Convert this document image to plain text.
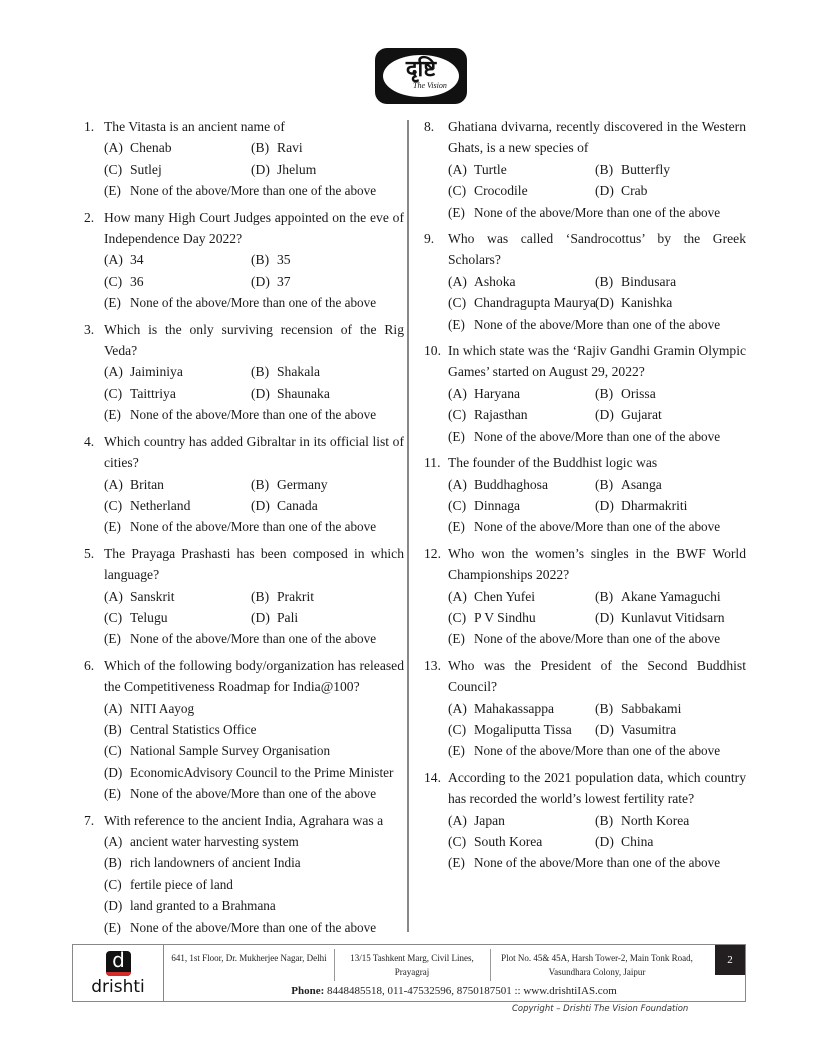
दृष्टि
The Vision
1. The Vitasta is an ancient name of
(A) Chenab	(B) Ravi
(C) Sutlej	(D) Jhelum
(E) None of the above/More than one of the above
2. How many High Court Judges appointed on the eve of Independence Day 2022?
(A) 34	(B) 35
(C) 36	(D) 37
(E) None of the above/More than one of the above
3. Which is the only surviving recension of the Rig Veda?
(A) Jaiminiya	(B) Shakala
(C) Taittriya	(D) Shaunaka
(E) None of the above/More than one of the above
4. Which country has added Gibraltar in its official list of cities?
(A) Britan	(B) Germany
(C) Netherland	(D) Canada
(E) None of the above/More than one of the above
5. The Prayaga Prashasti has been composed in which language?
(A) Sanskrit	(B) Prakrit
(C) Telugu	(D) Pali
(E) None of the above/More than one of the above
6. Which of the following body/organization has released the Competitiveness Roadmap for India@100?
(A) NITI Aayog
(B) Central Statistics Office
(C) National Sample Survey Organisation
(D) EconomicAdvisory Council to the Prime Minister
(E) None of the above/More than one of the above
7. With reference to the ancient India, Agrahara was a
(A) ancient water harvesting system
(B) rich landowners of ancient India
(C) fertile piece of land
(D) land granted to a Brahmana
(E) None of the above/More than one of the above
8.	Ghatiana dvivarna, recently discovered in the Western Ghats, is a new species of
(A) Turtle	(B) Butterfly
(C) Crocodile	(D) Crab
(E) None of the above/More than one of the above
9.	Who was called ‘Sandrocottus’ by the Greek Scholars?
(A) Ashoka	(B) Bindusara
(C) Chandragupta Maurya (D) Kanishka
(E) None of the above/More than one of the above
10. In which state was the ‘Rajiv Gandhi Gramin Olympic Games’ started on August 29, 2022?
(A) Haryana	(B) Orissa
(C) Rajasthan	(D) Gujarat
(E) None of the above/More than one of the above
11. The founder of the Buddhist logic was
(A) Buddhaghosa	(B) Asanga
(C) Dinnaga	(D) Dharmakriti
(E) None of the above/More than one of the above
12. Who won the women’s singles in the BWF World Championships 2022?
(A) Chen Yufei	(B) Akane Yamaguchi
(C) P V Sindhu	(D) Kunlavut Vitidsarn
(E) None of the above/More than one of the above
13. Who was the President of the Second Buddhist Council?
(A) Mahakassappa	(B) Sabbakami
(C) Mogaliputta Tissa (D) Vasumitra
(E) None of the above/More than one of the above
14. According to the 2021 population data, which country has recorded the world’s lowest fertility rate?
(A) Japan	(B) North Korea
(C) South Korea	(D) China
(E) None of the above/More than one of the above
d
drishti
641, 1st Floor, Dr. Mukherjee Nagar, Delhi	13/15 Tashkent Marg, Civil Lines, Prayagraj
Plot No. 45& 45A, Harsh Tower-2, Main Tonk Road, Vasundhara Colony, Jaipur
2
Phone: 8448485518, 011-47532596, 8750187501 :: www.drishtiIAS.com
Copyright – Drishti The Vision Foundation
